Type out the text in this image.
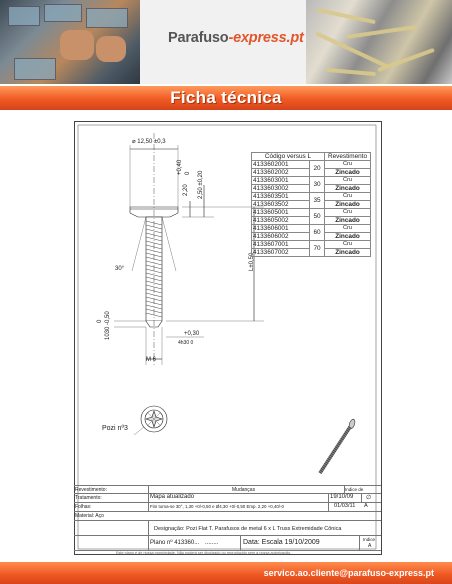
Parafuso-express.pt
Ficha técnica
⌀ 12,50 ±0,3
+0,40 0
2,20 2,50 ±0,20
L±0,50
30°
0 1030 -0,50	+0,30
4h30 0
M 6
Pozi nº3
Código versus L		Revestimento
4133602001	20	Cru
4133602002		Zincado
4133603001	30	Cru
4133603002		Zincado
4133603501	35	Cru
4133603502		Zincado
4133605001	50	Cru
4133605002		Zincado
4133606001	60	Cru
4133606002		Zincado
4133607001	70	Cru
4133607002		Zincado
Revestimento:	Mudanças	Indice de
Tratamento:	Mapa atualizado	19/10/09 ∅
Folhas:	Fim torna-se 30°, 1,30 +0/-0,50 e Ø4,30 +0/-0,50 Emp. 2,20 +0,40/-0	01/03/11 A
Material: Aço
Designação: Pozi Flat T. Parafusos de metal 6 x L Truss Extremidade Cônica
Plano nº 413360... ........	Data: Escala 19/10/2009	Indice
A
Este plano é de nossa propriedade. Não poderá ser divulgado ou reproduzido sem a nossa autorização.
servico.ao.cliente@parafuso-express.pt
